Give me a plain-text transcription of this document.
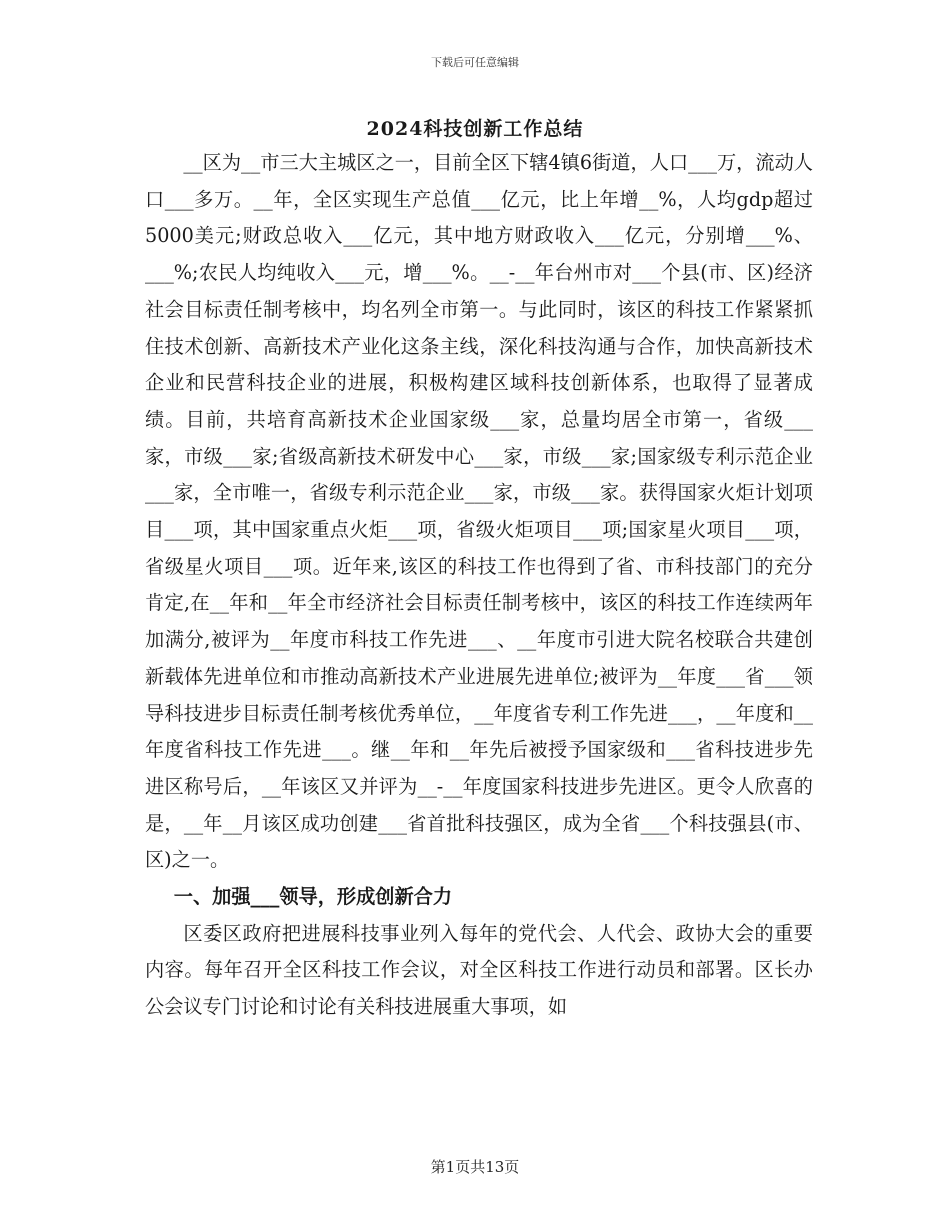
下载后可任意编辑
2024科技创新工作总结

__区为__市三大主城区之一，目前全区下辖4镇6街道，人口___万，流动人口___多万。__年，全区实现生产总值___亿元，比上年增__%，人均gdp超过5000美元;财政总收入___亿元，其中地方财政收入___亿元，分别增___%、___%;农民人均纯收入___元，增___%。__-__年台州市对___个县(市、区)经济社会目标责任制考核中，均名列全市第一。与此同时，该区的科技工作紧紧抓住技术创新、高新技术产业化这条主线，深化科技沟通与合作，加快高新技术企业和民营科技企业的进展，积极构建区域科技创新体系，也取得了显著成绩。目前，共培育高新技术企业国家级___家，总量均居全市第一，省级___家，市级___家;省级高新技术研发中心___家，市级___家;国家级专利示范企业___家，全市唯一，省级专利示范企业___家，市级___家。获得国家火炬计划项目___项，其中国家重点火炬___项，省级火炬项目___项;国家星火项目___项，省级星火项目___项。近年来,该区的科技工作也得到了省、市科技部门的充分肯定,在__年和__年全市经济社会目标责任制考核中，该区的科技工作连续两年加满分,被评为__年度市科技工作先进___、__年度市引进大院名校联合共建创新载体先进单位和市推动高新技术产业进展先进单位;被评为__年度___省___领导科技进步目标责任制考核优秀单位，__年度省专利工作先进___，__年度和__年度省科技工作先进___。继__年和__年先后被授予国家级和___省科技进步先进区称号后，__年该区又并评为__-__年度国家科技进步先进区。更令人欣喜的是，__年__月该区成功创建___省首批科技强区，成为全省___个科技强县(市、区)之一。

一、加强___领导，形成创新合力

区委区政府把进展科技事业列入每年的党代会、人代会、政协大会的重要内容。每年召开全区科技工作会议，对全区科技工作进行动员和部署。区长办公会议专门讨论和讨论有关科技进展重大事项，如

第1页共13页
